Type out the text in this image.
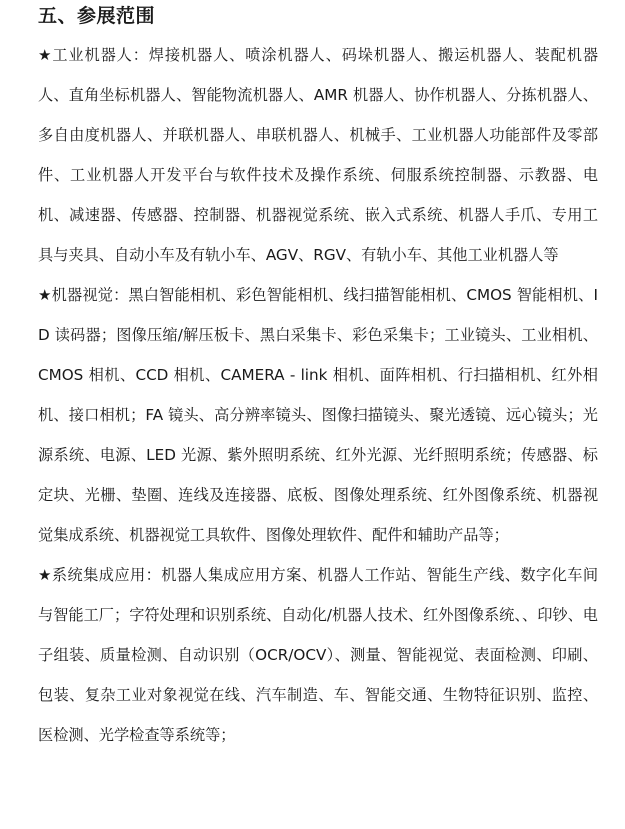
五、参展范围

★工业机器人：焊接机器人、喷涂机器人、码垛机器人、搬运机器人、装配机器人、直角坐标机器人、智能物流机器人、AMR 机器人、协作机器人、分拣机器人、多自由度机器人、并联机器人、串联机器人、机械手、工业机器人功能部件及零部件、工业机器人开发平台与软件技术及操作系统、伺服系统控制器、示教器、电机、减速器、传感器、控制器、机器视觉系统、嵌入式系统、机器人手爪、专用工具与夹具、自动小车及有轨小车、AGV、RGV、有轨小车、其他工业机器人等

★机器视觉：黑白智能相机、彩色智能相机、线扫描智能相机、CMOS 智能相机、ID 读码器；图像压缩/解压板卡、黑白采集卡、彩色采集卡；工业镜头、工业相机、CMOS 相机、CCD 相机、CAMERA - link 相机、面阵相机、行扫描相机、红外相机、接口相机；FA 镜头、高分辨率镜头、图像扫描镜头、聚光透镜、远心镜头；光源系统、电源、LED 光源、紫外照明系统、红外光源、光纤照明系统；传感器、标定块、光栅、垫圈、连线及连接器、底板、图像处理系统、红外图像系统、机器视觉集成系统、机器视觉工具软件、图像处理软件、配件和辅助产品等；

★系统集成应用：机器人集成应用方案、机器人工作站、智能生产线、数字化车间与智能工厂；字符处理和识别系统、自动化/机器人技术、红外图像系统、、印钞、电子组装、质量检测、自动识别（OCR/OCV）、测量、智能视觉、表面检测、印刷、包装、复杂工业对象视觉在线、汽车制造、车、智能交通、生物特征识别、监控、医检测、光学检查等系统等；
